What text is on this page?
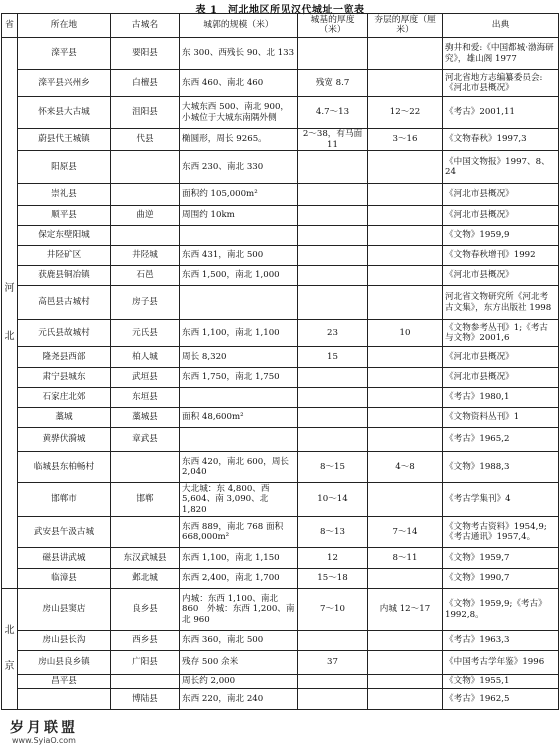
表 1　河北地区所见汉代城址一览表
省	所在地	古城名	城郭的规模（米）	城基的厚度（米）	夯层的厚度（厘米）	出典

河
北	滦平县	要阳县	东 300、西残长 90、北 133			驹井和爱:《中国都城·渤海研究》，雄山阁 1977
	滦平县兴州乡	白檀县	东西 460、南北 460	残宽 8.7		河北省地方志编纂委员会:《河北市县概况》
	怀来县大古城	沮阳县	大城东西 500、南北 900，小城位于大城东南隅外侧	4.7～13	12～22	《考古》2001,11
	蔚县代王城镇	代县	椭圆形，周长 9265。	2～38，有马面 11	3～16	《文物春秋》1997,3
	阳原县		东西 230、南北 330			《中国文物报》1997、8、24
	崇礼县		面积约 105,000m²			《河北市县概况》
	顺平县	曲逆	周围约 10km			《河北市县概况》
	保定东壁阳城					《文物》1959,9
	井陉矿区	井陉城	东西 431，南北 500			《文物春秋增刊》1992
	获鹿县铜冶镇	石邑	东西 1,500，南北 1,000			《河北市县概况》
	高邑县古城村	房子县				河北省文物研究所《河北考古文集》，东方出版社 1998
	元氏县故城村	元氏县	东西 1,100，南北 1,100	23	10	《文物参考丛刊》1;《考古与文物》2001,6
	隆尧县西部	柏人城	周长 8,320	15		《河北市县概况》
	肃宁县城东	武垣县	东西 1,750，南北 1,750			《河北市县概况》
	石家庄北郊	东垣县				《考古》1980,1
	藁城	藁城县	面积 48,600m²			《文物资料丛刊》1
	黄骅伏漪城	章武县				《考古》1965,2
	临城县东柏畅村		东西 420，南北 600，周长 2,040	8～15	4～8	《文物》1988,3
	邯郸市	邯郸	大北城：东 4,800、西 5,604、南 3,090、北 1,820	10～14		《考古学集刊》4
	武安县午汲古城		东西 889，南北 768 面积 668,000m²	8～13	7～14	《文物考古资料》1954,9;《考古通讯》1957,4。
	磁县讲武城	东汉武城县	东西 1,100，南北 1,150	12	8～11	《文物》1959,7
	临漳县	邺北城	东西 2,400，南北 1,700	15～18		《文物》1990,7

北
京	房山县窦店	良乡县	内城：东西 1,100、南北 860　外城：东西 1,200、南北 960	7～10	内城 12～17	《文物》1959,9;《考古》1992,8。
	房山县长沟	西乡县	东西 360，南北 500			《考古》1963,3
	房山县良乡镇	广阳县	残存 500 余米	37		《中国考古学年鉴》1996
	昌平县		周长约 2,000			《文物》1955,1
		博陆县	东西 220，南北 240			《考古》1962,5
岁月联盟
www.SyiaO.com
